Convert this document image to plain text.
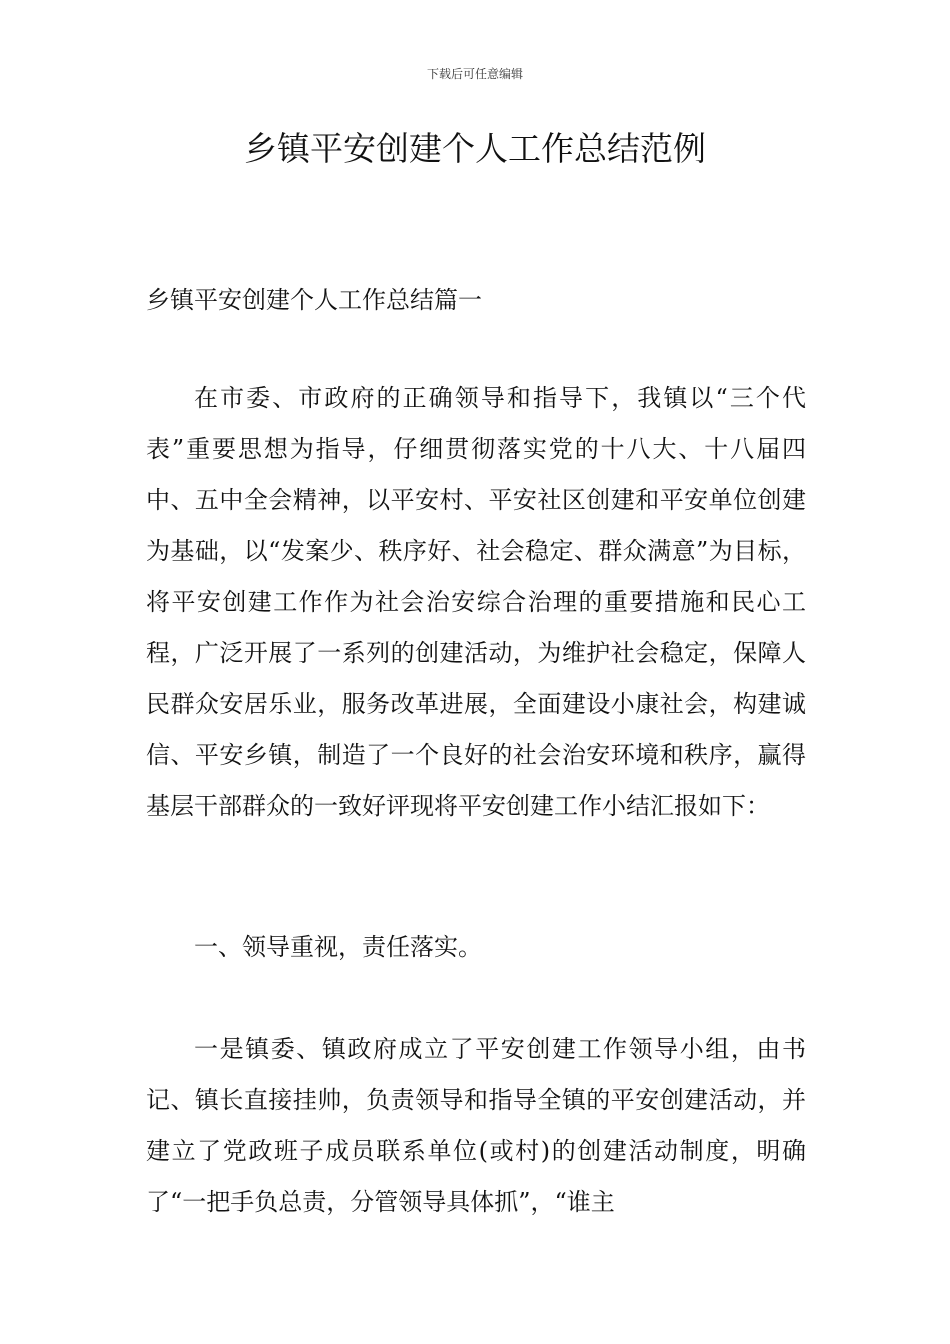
下载后可任意编辑
乡镇平安创建个人工作总结范例
乡镇平安创建个人工作总结篇一
在市委、市政府的正确领导和指导下，我镇以“三个代表”重要思想为指导，仔细贯彻落实党的十八大、十八届四中、五中全会精神，以平安村、平安社区创建和平安单位创建为基础，以“发案少、秩序好、社会稳定、群众满意”为目标，将平安创建工作作为社会治安综合治理的重要措施和民心工程，广泛开展了一系列的创建活动，为维护社会稳定，保障人民群众安居乐业，服务改革进展，全面建设小康社会，构建诚信、平安乡镇，制造了一个良好的社会治安环境和秩序，赢得基层干部群众的一致好评现将平安创建工作小结汇报如下：
一、领导重视，责任落实。
一是镇委、镇政府成立了平安创建工作领导小组，由书记、镇长直接挂帅，负责领导和指导全镇的平安创建活动，并建立了党政班子成员联系单位(或村)的创建活动制度，明确了“一把手负总责，分管领导具体抓”，“谁主
